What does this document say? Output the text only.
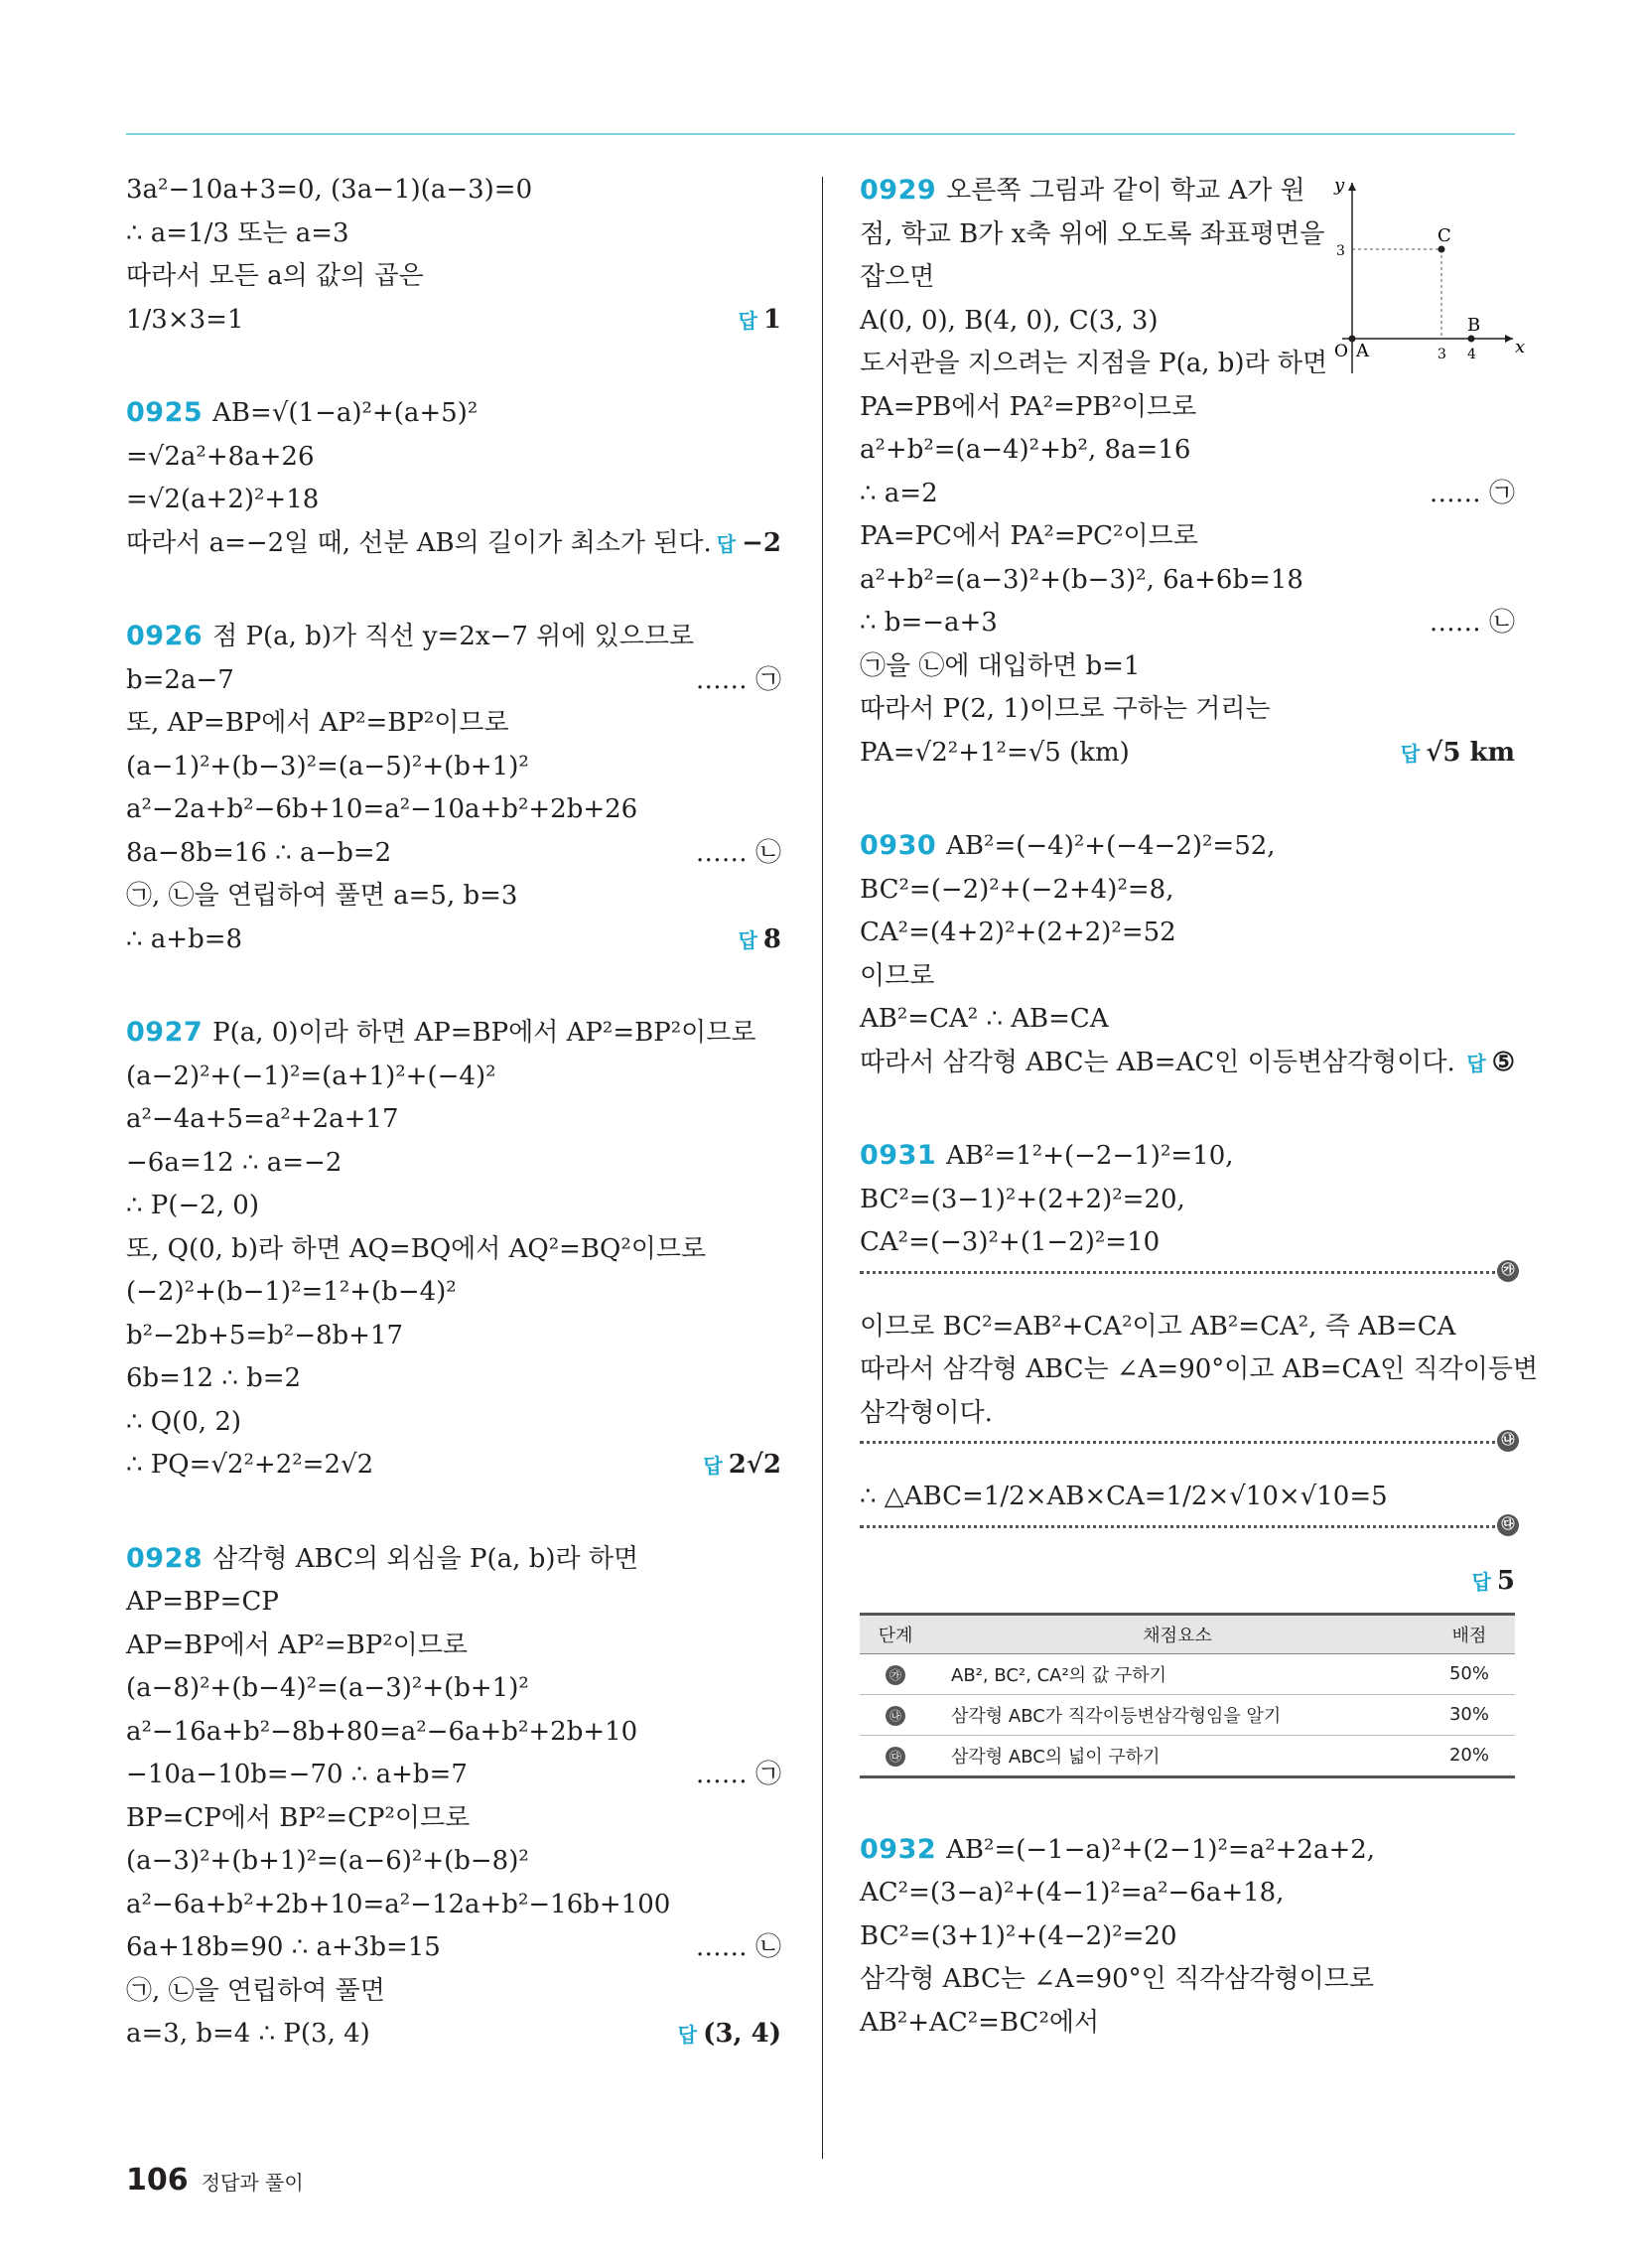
3a²−10a+3=0, (3a−1)(a−3)=0
∴ a=1/3 또는 a=3
따라서 모든 a의 값의 곱은
1/3×3=1	답 1
0925 AB=√(1−a)²+(a+5)²
=√2a²+8a+26
=√2(a+2)²+18
따라서 a=−2일 때, 선분 AB의 길이가 최소가 된다. 답 −2
0926 점 P(a, b)가 직선 y=2x−7 위에 있으므로
b=2a−7	…… ㉠
또, AP=BP에서 AP²=BP²이므로
(a−1)²+(b−3)²=(a−5)²+(b+1)²
a²−2a+b²−6b+10=a²−10a+b²+2b+26
8a−8b=16 ∴ a−b=2	…… ㉡
㉠, ㉡을 연립하여 풀면 a=5, b=3
∴ a+b=8	답 8
0927 P(a, 0)이라 하면 AP=BP에서 AP²=BP²이므로
(a−2)²+(−1)²=(a+1)²+(−4)²
a²−4a+5=a²+2a+17
−6a=12 ∴ a=−2
∴ P(−2, 0)
또, Q(0, b)라 하면 AQ=BQ에서 AQ²=BQ²이므로
(−2)²+(b−1)²=1²+(b−4)²
b²−2b+5=b²−8b+17
6b=12 ∴ b=2
∴ Q(0, 2)
∴ PQ=√2²+2²=2√2	답 2√2
0928 삼각형 ABC의 외심을 P(a, b)라 하면
AP=BP=CP
AP=BP에서 AP²=BP²이므로
(a−8)²+(b−4)²=(a−3)²+(b+1)²
a²−16a+b²−8b+80=a²−6a+b²+2b+10
−10a−10b=−70 ∴ a+b=7	…… ㉠
BP=CP에서 BP²=CP²이므로
(a−3)²+(b+1)²=(a−6)²+(b−8)²
a²−6a+b²+2b+10=a²−12a+b²−16b+100
6a+18b=90 ∴ a+3b=15	…… ㉡
㉠, ㉡을 연립하여 풀면
a=3, b=4 ∴ P(3, 4)	답 (3, 4)
0929 오른쪽 그림과 같이 학교 A가 원
점, 학교 B가 x축 위에 오도록 좌표평면을
잡으면
A(0, 0), B(4, 0), C(3, 3)
도서관을 지으려는 지점을 P(a, b)라 하면
PA=PB에서 PA²=PB²이므로
a²+b²=(a−4)²+b², 8a=16
∴ a=2	…… ㉠
PA=PC에서 PA²=PC²이므로
a²+b²=(a−3)²+(b−3)², 6a+6b=18
∴ b=−a+3	…… ㉡
㉠을 ㉡에 대입하면 b=1
따라서 P(2, 1)이므로 구하는 거리는
PA=√2²+1²=√5 (km)	답 √5 km
0930 AB²=(−4)²+(−4−2)²=52,
BC²=(−2)²+(−2+4)²=8,
CA²=(4+2)²+(2+2)²=52
이므로
AB²=CA² ∴ AB=CA
따라서 삼각형 ABC는 AB=AC인 이등변삼각형이다. 답 ⑤
0931 AB²=1²+(−2−1)²=10,
BC²=(3−1)²+(2+2)²=20,
CA²=(−3)²+(1−2)²=10
㉮
이므로 BC²=AB²+CA²이고 AB²=CA², 즉 AB=CA
따라서 삼각형 ABC는 ∠A=90°이고 AB=CA인 직각이등변
삼각형이다.
㉯
∴ △ABC=1/2×AB×CA=1/2×√10×√10=5
㉰
답 5
단계	채점요소	배점
㉮	AB², BC², CA²의 값 구하기	50%
㉯	삼각형 ABC가 직각이등변삼각형임을 알기	30%
㉰	삼각형 ABC의 넓이 구하기	20%
0932 AB²=(−1−a)²+(2−1)²=a²+2a+2,
AC²=(3−a)²+(4−1)²=a²−6a+18,
BC²=(3+1)²+(4−2)²=20
삼각형 ABC는 ∠A=90°인 직각삼각형이므로
AB²+AC²=BC²에서
x
y
O
3
3 4
A
B
C
106 정답과 풀이
